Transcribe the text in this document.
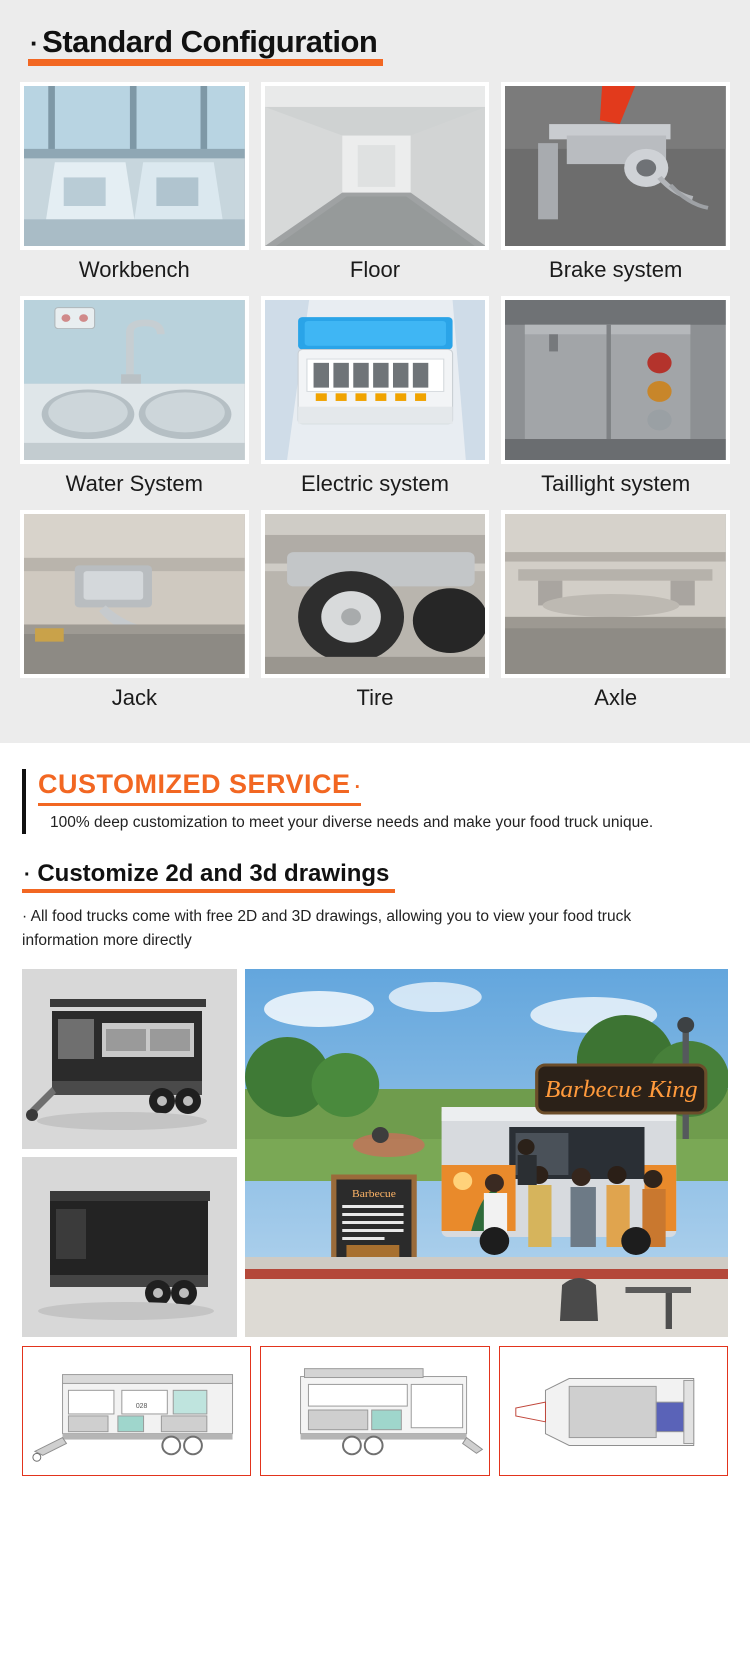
· Standard Configuration
Workbench	Floor	Brake system
Water System	Electric system	Taillight system
Jack	Tire	Axle
CUSTOMIZED SERVICE ·
100% deep customization to meet your diverse needs and make your food truck unique.
· Customize 2d and 3d drawings
· All food trucks come with free 2D and 3D drawings, allowing you to view your food truck information more directly
Barbecue King
Barbecue
028
